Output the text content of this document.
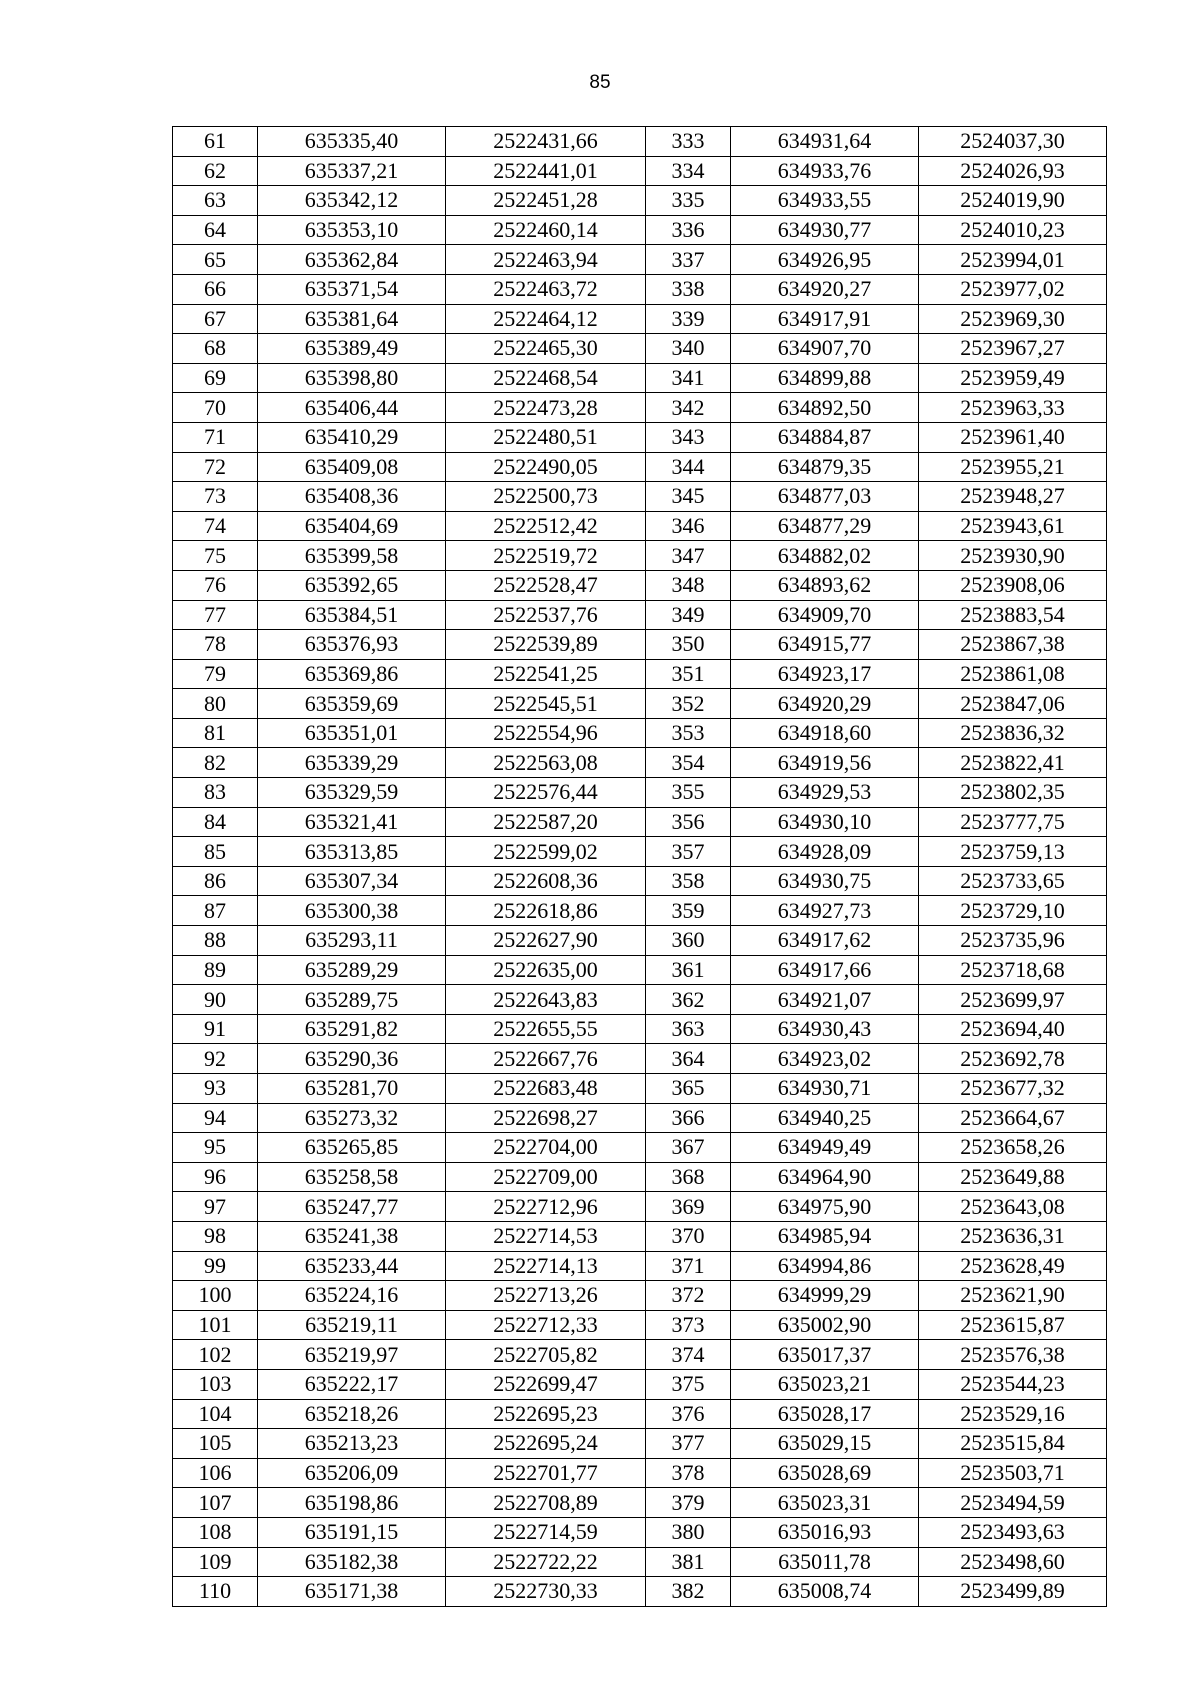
85
61	635335,40	2522431,66	333	634931,64	2524037,30
62	635337,21	2522441,01	334	634933,76	2524026,93
63	635342,12	2522451,28	335	634933,55	2524019,90
64	635353,10	2522460,14	336	634930,77	2524010,23
65	635362,84	2522463,94	337	634926,95	2523994,01
66	635371,54	2522463,72	338	634920,27	2523977,02
67	635381,64	2522464,12	339	634917,91	2523969,30
68	635389,49	2522465,30	340	634907,70	2523967,27
69	635398,80	2522468,54	341	634899,88	2523959,49
70	635406,44	2522473,28	342	634892,50	2523963,33
71	635410,29	2522480,51	343	634884,87	2523961,40
72	635409,08	2522490,05	344	634879,35	2523955,21
73	635408,36	2522500,73	345	634877,03	2523948,27
74	635404,69	2522512,42	346	634877,29	2523943,61
75	635399,58	2522519,72	347	634882,02	2523930,90
76	635392,65	2522528,47	348	634893,62	2523908,06
77	635384,51	2522537,76	349	634909,70	2523883,54
78	635376,93	2522539,89	350	634915,77	2523867,38
79	635369,86	2522541,25	351	634923,17	2523861,08
80	635359,69	2522545,51	352	634920,29	2523847,06
81	635351,01	2522554,96	353	634918,60	2523836,32
82	635339,29	2522563,08	354	634919,56	2523822,41
83	635329,59	2522576,44	355	634929,53	2523802,35
84	635321,41	2522587,20	356	634930,10	2523777,75
85	635313,85	2522599,02	357	634928,09	2523759,13
86	635307,34	2522608,36	358	634930,75	2523733,65
87	635300,38	2522618,86	359	634927,73	2523729,10
88	635293,11	2522627,90	360	634917,62	2523735,96
89	635289,29	2522635,00	361	634917,66	2523718,68
90	635289,75	2522643,83	362	634921,07	2523699,97
91	635291,82	2522655,55	363	634930,43	2523694,40
92	635290,36	2522667,76	364	634923,02	2523692,78
93	635281,70	2522683,48	365	634930,71	2523677,32
94	635273,32	2522698,27	366	634940,25	2523664,67
95	635265,85	2522704,00	367	634949,49	2523658,26
96	635258,58	2522709,00	368	634964,90	2523649,88
97	635247,77	2522712,96	369	634975,90	2523643,08
98	635241,38	2522714,53	370	634985,94	2523636,31
99	635233,44	2522714,13	371	634994,86	2523628,49
100	635224,16	2522713,26	372	634999,29	2523621,90
101	635219,11	2522712,33	373	635002,90	2523615,87
102	635219,97	2522705,82	374	635017,37	2523576,38
103	635222,17	2522699,47	375	635023,21	2523544,23
104	635218,26	2522695,23	376	635028,17	2523529,16
105	635213,23	2522695,24	377	635029,15	2523515,84
106	635206,09	2522701,77	378	635028,69	2523503,71
107	635198,86	2522708,89	379	635023,31	2523494,59
108	635191,15	2522714,59	380	635016,93	2523493,63
109	635182,38	2522722,22	381	635011,78	2523498,60
110	635171,38	2522730,33	382	635008,74	2523499,89
